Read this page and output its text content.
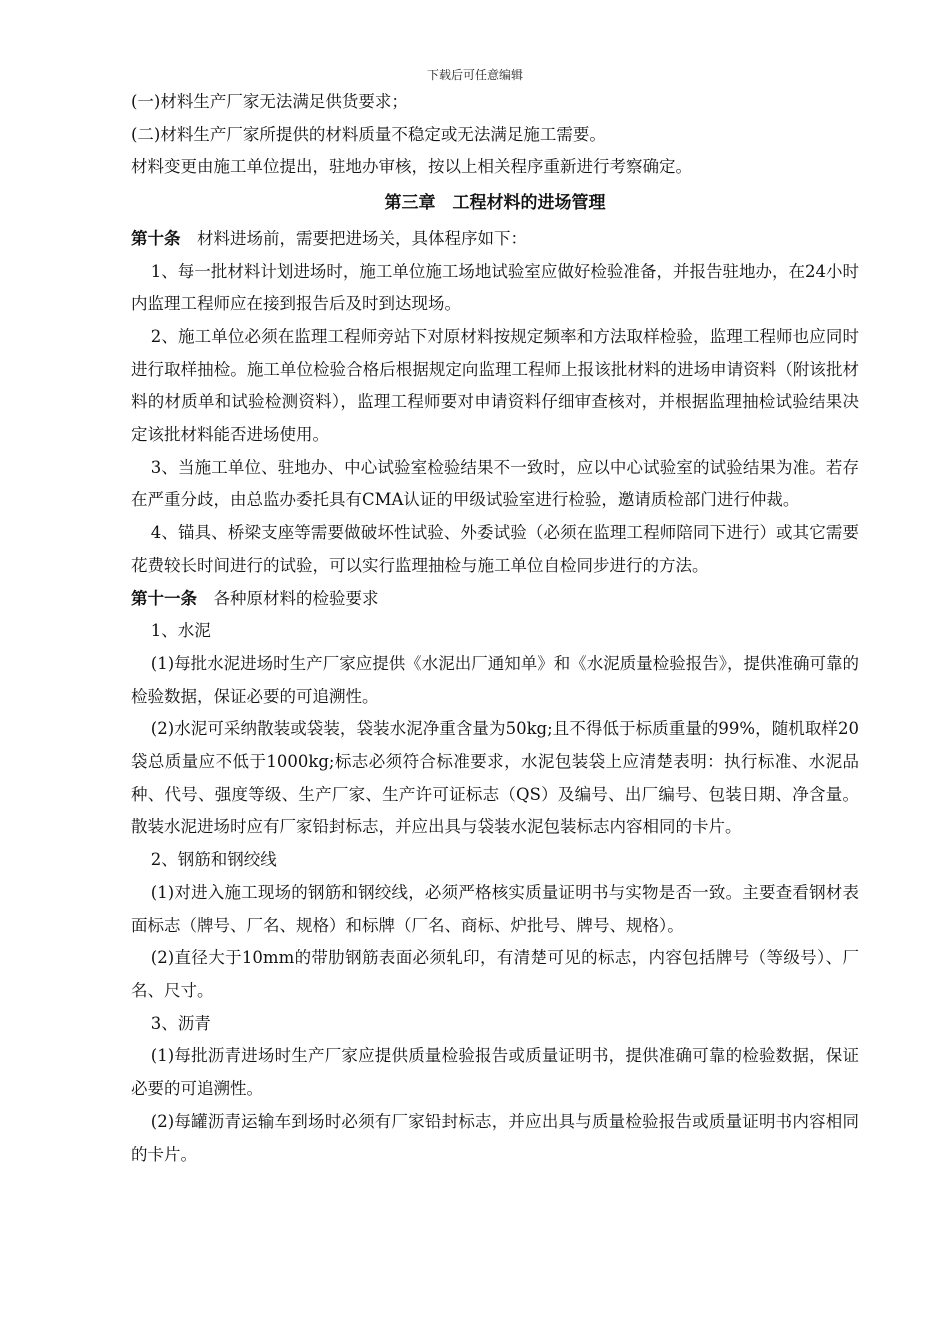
下载后可任意编辑

(一)材料生产厂家无法满足供货要求；

(二)材料生产厂家所提供的材料质量不稳定或无法满足施工需要。

材料变更由施工单位提出，驻地办审核，按以上相关程序重新进行考察确定。

第三章　工程材料的进场管理

第十条　材料进场前，需要把进场关，具体程序如下：

1、每一批材料计划进场时，施工单位施工场地试验室应做好检验准备，并报告驻地办，在24小时内监理工程师应在接到报告后及时到达现场。

2、施工单位必须在监理工程师旁站下对原材料按规定频率和方法取样检验，监理工程师也应同时进行取样抽检。施工单位检验合格后根据规定向监理工程师上报该批材料的进场申请资料（附该批材料的材质单和试验检测资料），监理工程师要对申请资料仔细审查核对，并根据监理抽检试验结果决定该批材料能否进场使用。

3、当施工单位、驻地办、中心试验室检验结果不一致时，应以中心试验室的试验结果为准。若存在严重分歧，由总监办委托具有CMA认证的甲级试验室进行检验，邀请质检部门进行仲裁。

4、锚具、桥梁支座等需要做破坏性试验、外委试验（必须在监理工程师陪同下进行）或其它需要花费较长时间进行的试验，可以实行监理抽检与施工单位自检同步进行的方法。

第十一条　各种原材料的检验要求

1、水泥

(1)每批水泥进场时生产厂家应提供《水泥出厂通知单》和《水泥质量检验报告》，提供准确可靠的检验数据，保证必要的可追溯性。

(2)水泥可采纳散装或袋装，袋装水泥净重含量为50kg;且不得低于标质重量的99%，随机取样20袋总质量应不低于1000kg;标志必须符合标准要求，水泥包装袋上应清楚表明：执行标准、水泥品种、代号、强度等级、生产厂家、生产许可证标志（QS）及编号、出厂编号、包装日期、净含量。散装水泥进场时应有厂家铅封标志，并应出具与袋装水泥包装标志内容相同的卡片。

2、钢筋和钢绞线

(1)对进入施工现场的钢筋和钢绞线，必须严格核实质量证明书与实物是否一致。主要查看钢材表面标志（牌号、厂名、规格）和标牌（厂名、商标、炉批号、牌号、规格）。

(2)直径大于10mm的带肋钢筋表面必须轧印，有清楚可见的标志，内容包括牌号（等级号）、厂名、尺寸。

3、沥青

(1)每批沥青进场时生产厂家应提供质量检验报告或质量证明书，提供准确可靠的检验数据，保证必要的可追溯性。

(2)每罐沥青运输车到场时必须有厂家铅封标志，并应出具与质量检验报告或质量证明书内容相同的卡片。
